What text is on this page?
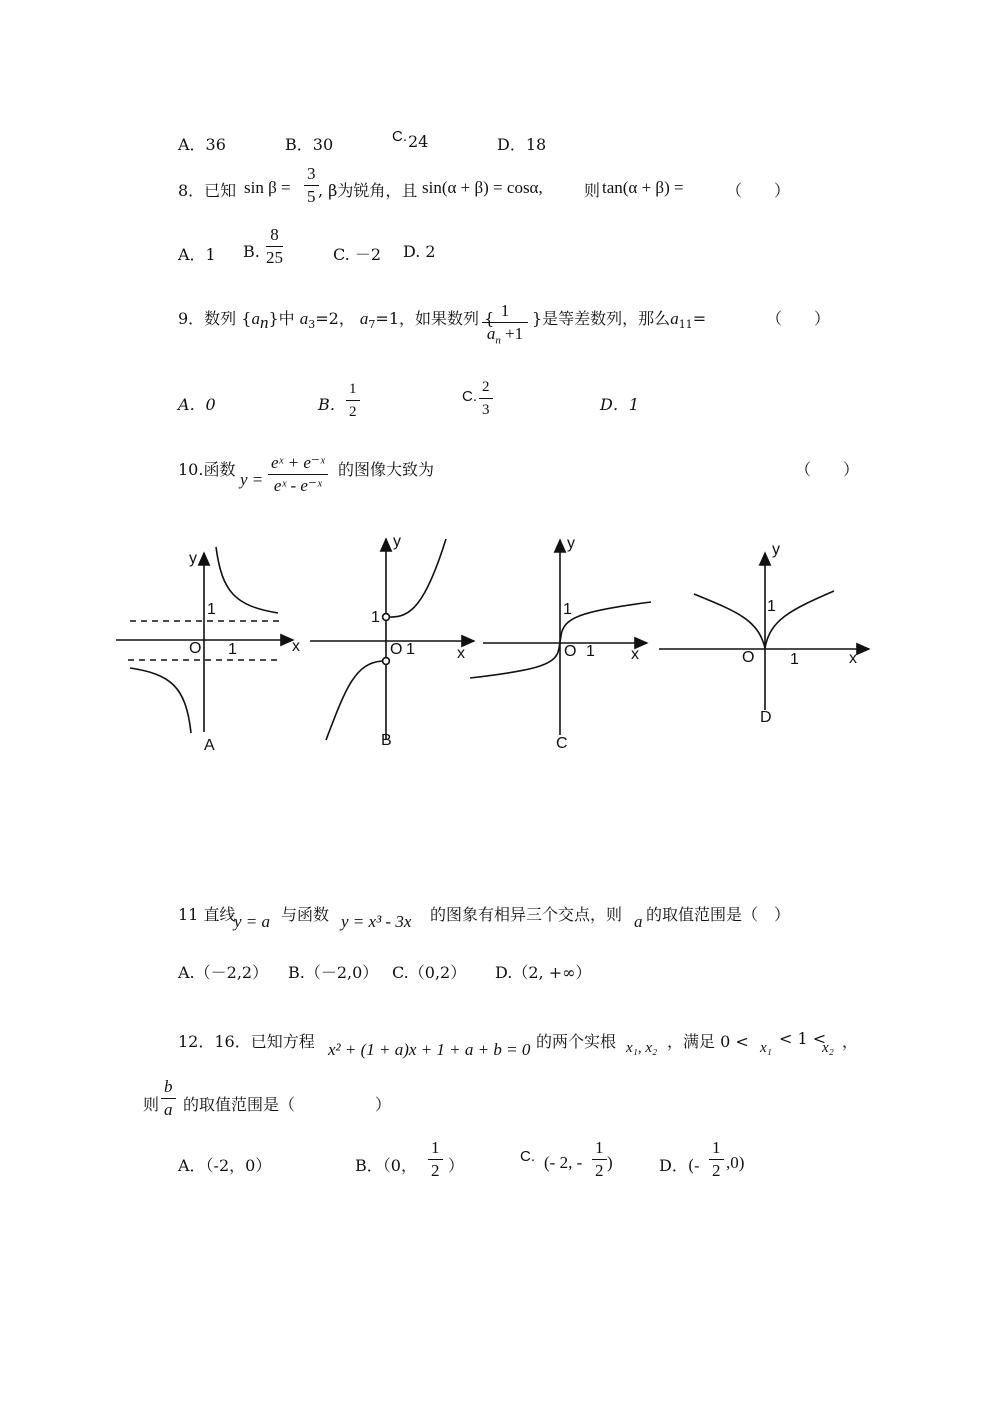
A．36	B．30	C. 24	D．18
8．已知 $\sin \beta = \frac{3}{5}$ , β为锐角，且 sin(α + β) = cosα,	则 tan(α + β) =	（　　）
A．1 B. $\frac{8}{25}$	C. －2 D. 2
9．数列 $\{a_n\}$中 $a_3=2$， $a_7=1$，如果数列 {
$\frac{1}{a_n +1}$ }是等差数列，那么$a_{11}=$	（　　）
A．0	B． $\frac{1}{2}$	C. $\frac{2}{3}$	D．1
10.函数
$y = \frac{\text{eˣ + e⁻ˣ}}{\text{eˣ - e⁻ˣ}}$ 的图像大致为	（　　）
y
x
O 1
1
A
y
x
O 1
1
B
y
x
O 1
1
C
y
x
O 1
1
D
11 直线
y = a 与函数 y = x³ - 3x 的图象有相异三个交点，则 a 的取值范围是（　）
A.（－2,2） B.（－2,0） C.（0,2） D.（2, +∞）
12．16．已知方程 x² + (1 + a)x + 1 + a + b = 0 的两个实根 x₁, x₂ ，满足 0 < x₁ < 1 <
x₂ ，
则 $\frac{b}{a}$ 的取值范围是（　　　　　）
A．（-2，0）	B．（0， $\frac{1}{2}$ ）	C. (- 2, - $\frac{1}{2}$ )	D．(- $\frac{1}{2} ,0$)
